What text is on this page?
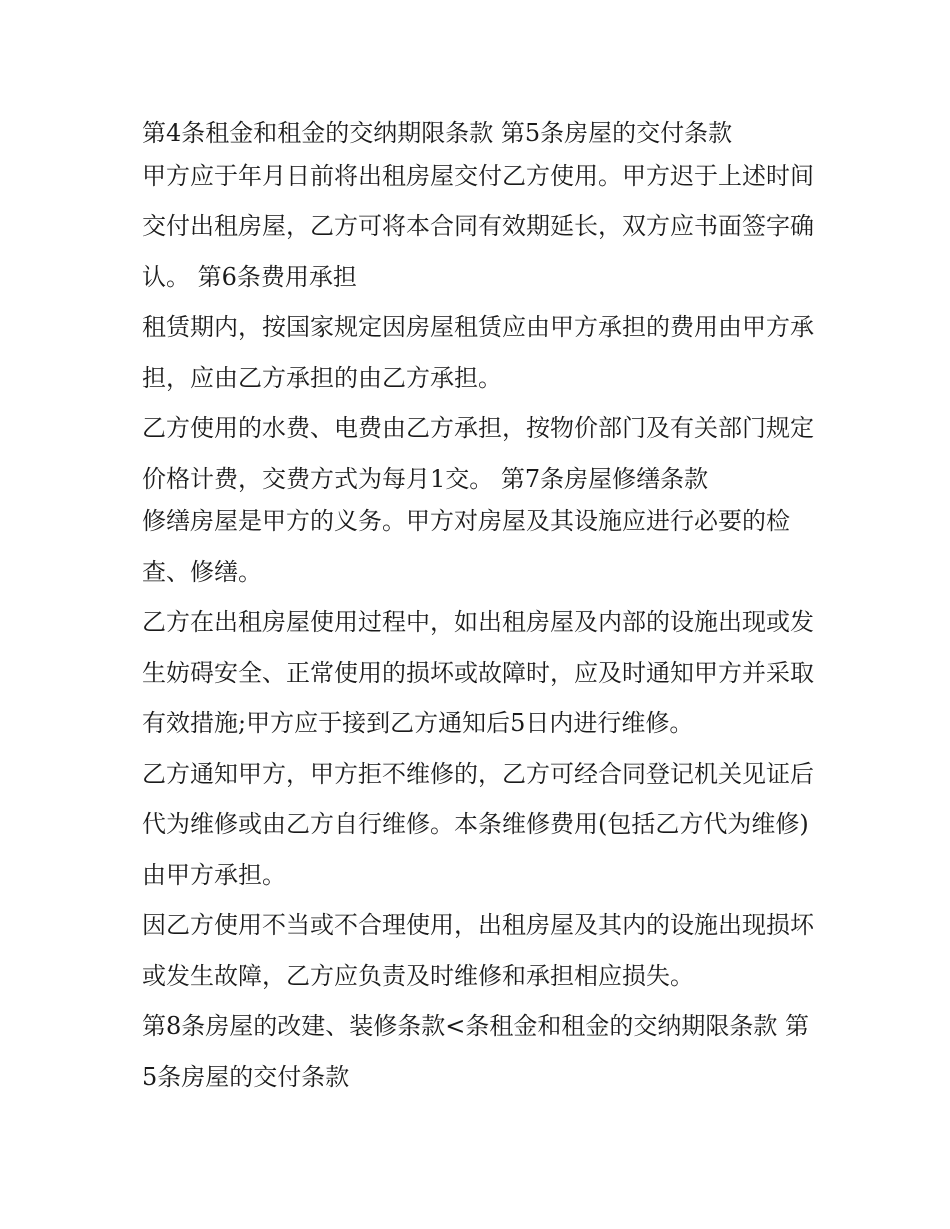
第4条租金和租金的交纳期限条款 第5条房屋的交付条款

甲方应于年月日前将出租房屋交付乙方使用。甲方迟于上述时间交付出租房屋，乙方可将本合同有效期延长，双方应书面签字确认。 第6条费用承担

租赁期内，按国家规定因房屋租赁应由甲方承担的费用由甲方承担，应由乙方承担的由乙方承担。

乙方使用的水费、电费由乙方承担，按物价部门及有关部门规定价格计费，交费方式为每月1交。 第7条房屋修缮条款

修缮房屋是甲方的义务。甲方对房屋及其设施应进行必要的检查、修缮。

乙方在出租房屋使用过程中，如出租房屋及内部的设施出现或发生妨碍安全、正常使用的损坏或故障时，应及时通知甲方并采取有效措施;甲方应于接到乙方通知后5日内进行维修。

乙方通知甲方，甲方拒不维修的，乙方可经合同登记机关见证后代为维修或由乙方自行维修。本条维修费用(包括乙方代为维修)由甲方承担。

因乙方使用不当或不合理使用，出租房屋及其内的设施出现损坏或发生故障，乙方应负责及时维修和承担相应损失。

第8条房屋的改建、装修条款<条租金和租金的交纳期限条款 第5条房屋的交付条款
